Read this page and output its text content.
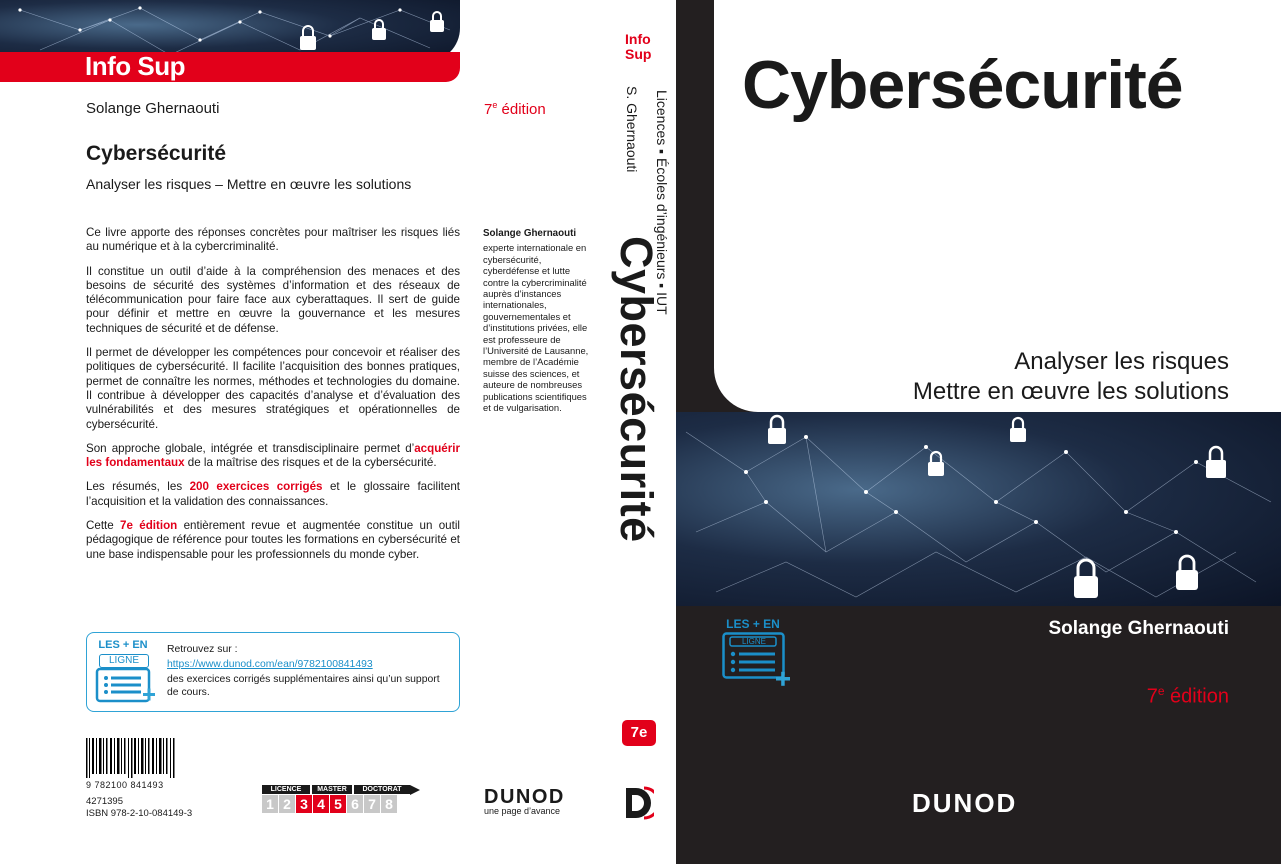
Info Sup
Solange Ghernaouti	7e édition
Cybersécurité
Analyser les risques – Mettre en œuvre les solutions

Ce livre apporte des réponses concrètes pour maîtriser les risques liés au numérique et à la cybercriminalité.

Il constitue un outil d’aide à la compréhension des menaces et des besoins de sécurité des systèmes d’information et des réseaux de télécommunication pour faire face aux cyberattaques. Il sert de guide pour définir et mettre en œuvre la gouvernance et les mesures techniques de sécurité et de défense.

Il permet de développer les compétences pour concevoir et réaliser des politiques de cybersécurité. Il facilite l’acquisition des bonnes pratiques, permet de connaître les normes, méthodes et technologies du domaine. Il contribue à développer des capacités d’analyse et d’évaluation des vulnérabilités et des mesures stratégiques et opérationnelles de cybersécurité.

Son approche globale, intégrée et transdisciplinaire permet d’acquérir les fondamentaux de la maîtrise des risques et de la cybersécurité.

Les résumés, les 200 exercices corrigés et le glossaire facilitent l’acquisition et la validation des connaissances.

Cette 7e édition entièrement revue et augmentée constitue un outil pédagogique de référence pour toutes les formations en cybersécurité et une base indispensable pour les professionnels du monde cyber.

Solange Ghernaouti
experte internationale en cybersécurité, cyberdéfense et lutte contre la cybercriminalité auprès d’instances internationales, gouvernementales et d’institutions privées, elle est professeure de l’Université de Lausanne, membre de l’Académie suisse des sciences, et auteure de nombreuses publications scientifiques et de vulgarisation.
LES + EN
LIGNE
Retrouvez sur :
https://www.dunod.com/ean/9782100841493
des exercices corrigés supplémentaires ainsi qu’un support de cours.
9 782100 841493
4271395
ISBN 978-2-10-084149-3
LICENCE	MASTER	DOCTORAT
1 2 3 4 5 6 7 8	DUNOD
une page d’avance
Info
Sup
S. Ghernaouti Licences ▪ Écoles d’ingénieurs ▪ IUT
Cybersécurité
7e
Cybersécurité
Analyser les risques
Mettre en œuvre les solutions
LES + EN
LIGNE
Solange Ghernaouti
7e édition
DUNOD
